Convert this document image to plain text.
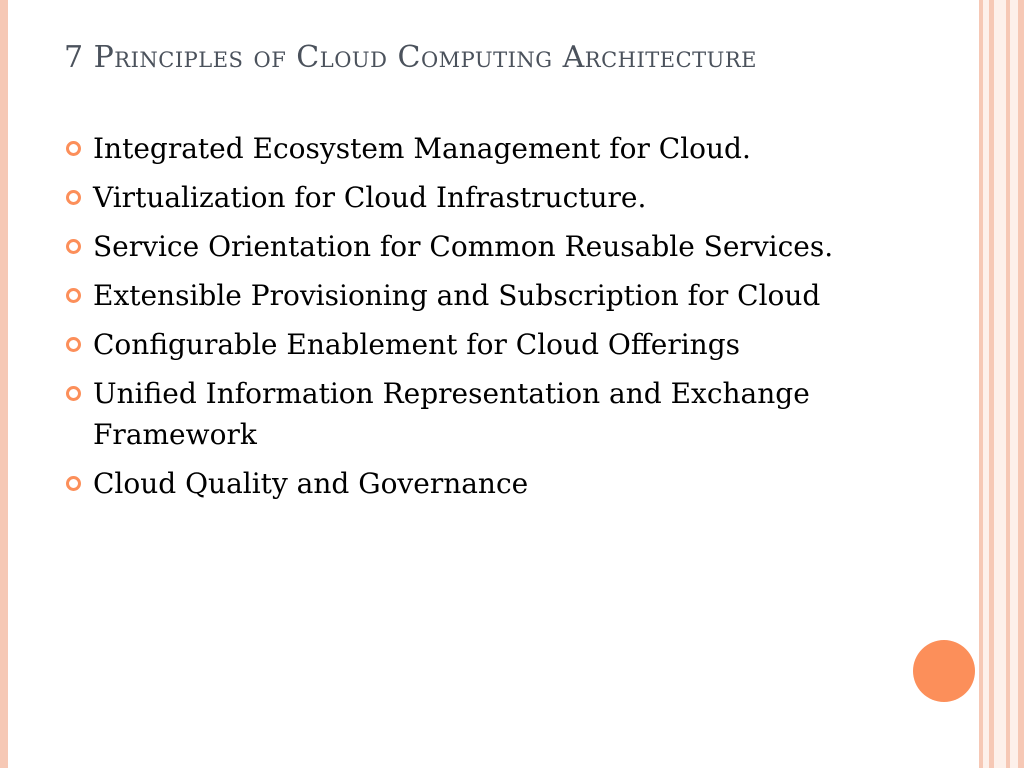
7 Principles of Cloud Computing Architecture
Integrated Ecosystem Management for Cloud.
Virtualization for Cloud Infrastructure.
Service Orientation for Common Reusable Services.
Extensible Provisioning and Subscription for Cloud
Configurable Enablement for Cloud Offerings
Unified Information Representation and Exchange Framework
Cloud Quality and Governance
